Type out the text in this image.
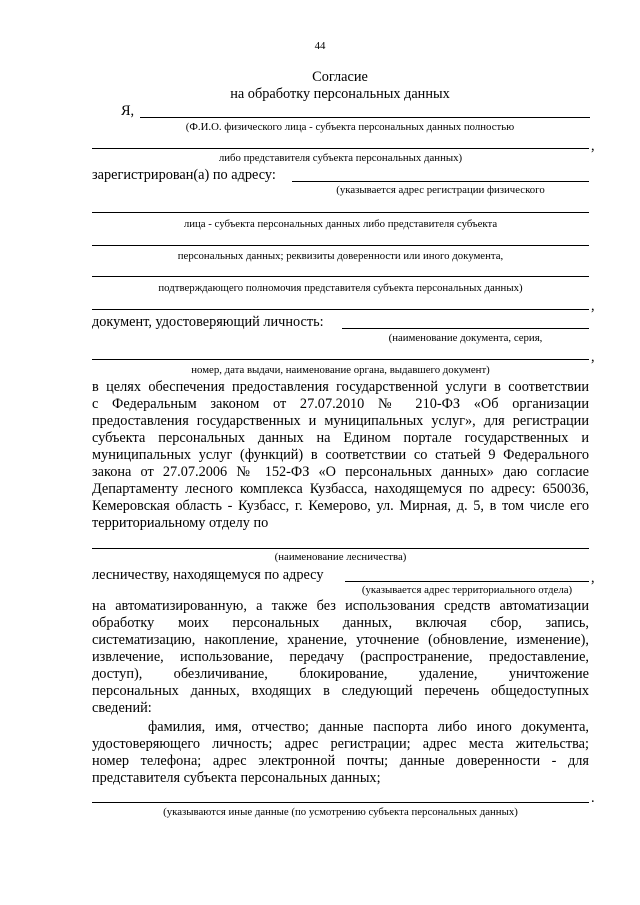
44
Согласие
на обработку персональных данных
Я,
(Ф.И.О. физического лица - субъекта персональных данных полностью
,
либо представителя субъекта персональных данных)
зарегистрирован(а) по адресу:
(указывается адрес регистрации физического
лица - субъекта персональных данных либо представителя субъекта
персональных данных; реквизиты доверенности или иного документа,
подтверждающего полномочия представителя субъекта персональных данных)
,
документ, удостоверяющий личность:
(наименование документа, серия,
,
номер, дата выдачи, наименование органа, выдавшего документ)
в целях обеспечения предоставления государственной услуги в соответствии
с Федеральным законом от 27.07.2010 № 210-ФЗ «Об организации
предоставления государственных и муниципальных услуг», для регистрации
субъекта персональных данных на Едином портале государственных и
муниципальных услуг (функций) в соответствии со статьей 9 Федерального
закона от 27.07.2006 № 152-ФЗ «О персональных данных» даю согласие
Департаменту лесного комплекса Кузбасса, находящемуся по адресу: 650036,
Кемеровская область - Кузбасс, г. Кемерово, ул. Мирная, д. 5, в том числе его
территориальному отделу по
(наименование лесничества)
лесничеству, находящемуся по адресу	,
(указывается адрес территориального отдела)
на автоматизированную, а также без использования средств автоматизации
обработку моих персональных данных, включая сбор, запись,
систематизацию, накопление, хранение, уточнение (обновление, изменение),
извлечение, использование, передачу (распространение, предоставление,
доступ), обезличивание, блокирование, удаление, уничтожение
персональных данных, входящих в следующий перечень общедоступных
сведений:
фамилия, имя, отчество; данные паспорта либо иного документа,
удостоверяющего личность; адрес регистрации; адрес места жительства;
номер телефона; адрес электронной почты; данные доверенности - для
представителя субъекта персональных данных;
.
(указываются иные данные (по усмотрению субъекта персональных данных)
